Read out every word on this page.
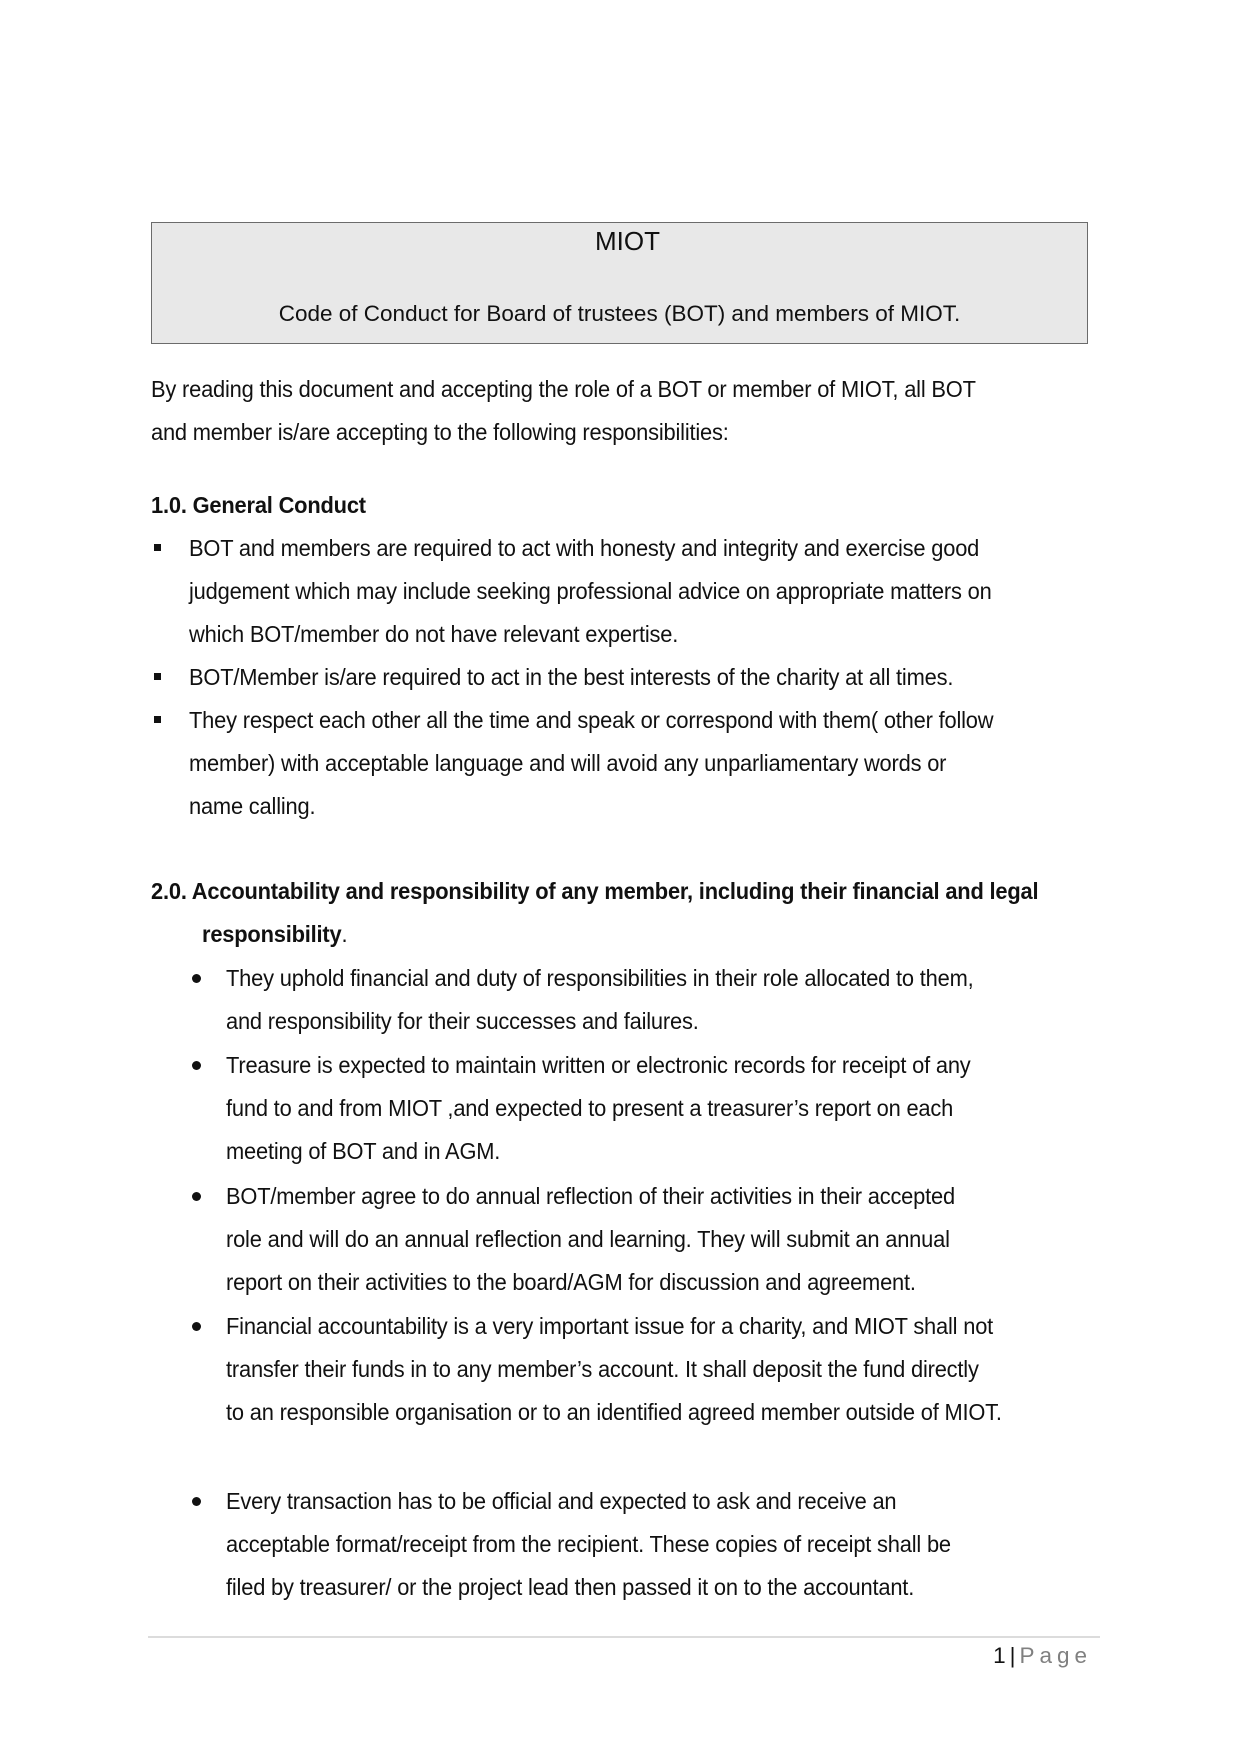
MIOT
Code of Conduct for Board of trustees (BOT) and members of MIOT.
By reading this document and accepting the role of a BOT or member of MIOT, all BOT
and member is/are accepting to the following responsibilities:
1.0. General Conduct
BOT and members are required to act with honesty and integrity and exercise good
judgement which may include seeking professional advice on appropriate matters on
which BOT/member do not have relevant expertise.
BOT/Member is/are required to act in the best interests of the charity at all times.
They respect each other all the time and speak or correspond with them( other follow
member) with acceptable language and will avoid any unparliamentary words or
name calling.
2.0. Accountability and responsibility of any member, including their financial and legal
responsibility.
They uphold financial and duty of responsibilities in their role allocated to them,
and responsibility for their successes and failures.
Treasure is expected to maintain written or electronic records for receipt of any
fund to and from MIOT ,and expected to present a treasurer’s report on each
meeting of BOT and in AGM.
BOT/member agree to do annual reflection of their activities in their accepted
role and will do an annual reflection and learning. They will submit an annual
report on their activities to the board/AGM for discussion and agreement.
Financial accountability is a very important issue for a charity, and MIOT shall not
transfer their funds in to any member’s account. It shall deposit the fund directly
to an responsible organisation or to an identified agreed member outside of MIOT.
Every transaction has to be official and expected to ask and receive an
acceptable format/receipt from the recipient. These copies of receipt shall be
filed by treasurer/ or the project lead then passed it on to the accountant.
1 | Page
